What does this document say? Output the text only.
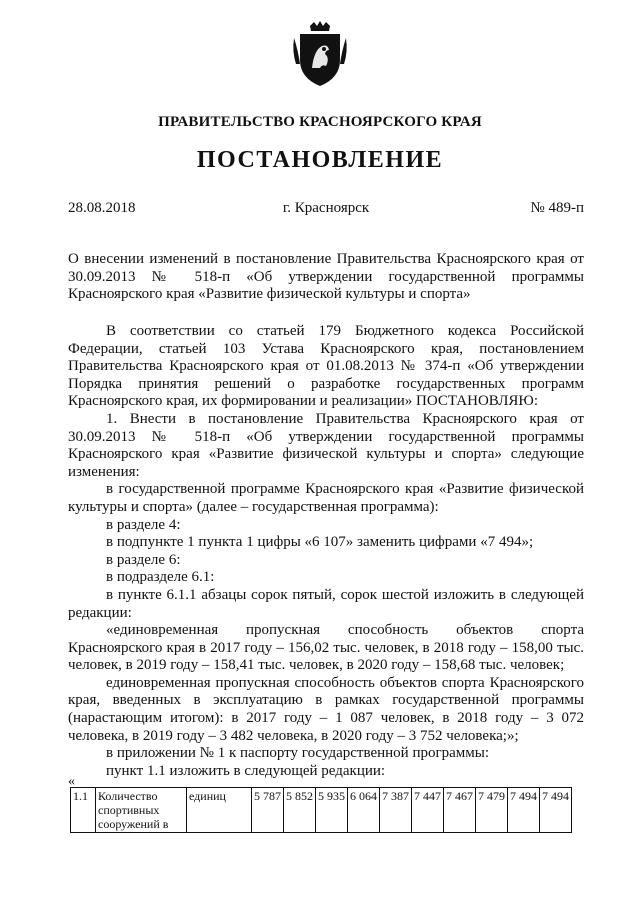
ПРАВИТЕЛЬСТВО КРАСНОЯРСКОГО КРАЯ
ПОСТАНОВЛЕНИЕ
28.08.2018	г. Красноярск	№ 489-п
О внесении изменений в постановление Правительства Красноярского края от 30.09.2013 № 518-п «Об утверждении государственной программы Красноярского края «Развитие физической культуры и спорта»

В соответствии со статьей 179 Бюджетного кодекса Российской Федерации, статьей 103 Устава Красноярского края, постановлением Правительства Красноярского края от 01.08.2013 № 374-п «Об утверждении Порядка принятия решений о разработке государственных программ Красноярского края, их формировании и реализации» ПОСТАНОВЛЯЮ:

1. Внести в постановление Правительства Красноярского края от 30.09.2013 № 518-п «Об утверждении государственной программы Красноярского края «Развитие физической культуры и спорта» следующие изменения:

в государственной программе Красноярского края «Развитие физической культуры и спорта» (далее – государственная программа):

в разделе 4:

в подпункте 1 пункта 1 цифры «6 107» заменить цифрами «7 494»;

в разделе 6:

в подразделе 6.1:

в пункте 6.1.1 абзацы сорок пятый, сорок шестой изложить в следующей редакции:

«единовременная пропускная способность объектов спорта Красноярского края в 2017 году – 156,02 тыс. человек, в 2018 году – 158,00 тыс. человек, в 2019 году – 158,41 тыс. человек, в 2020 году – 158,68 тыс. человек;

единовременная пропускная способность объектов спорта Красноярского края, введенных в эксплуатацию в рамках государственной программы (нарастающим итогом): в 2017 году – 1 087 человек, в 2018 году – 3 072 человека, в 2019 году – 3 482 человека, в 2020 году – 3 752 человека;»;

в приложении № 1 к паспорту государственной программы:

пункт 1.1 изложить в следующей редакции:

«
1.1	Количество спортивных сооружений в	единиц	5 787	5 852	5 935	6 064	7 387	7 447	7 467	7 479	7 494	7 494
